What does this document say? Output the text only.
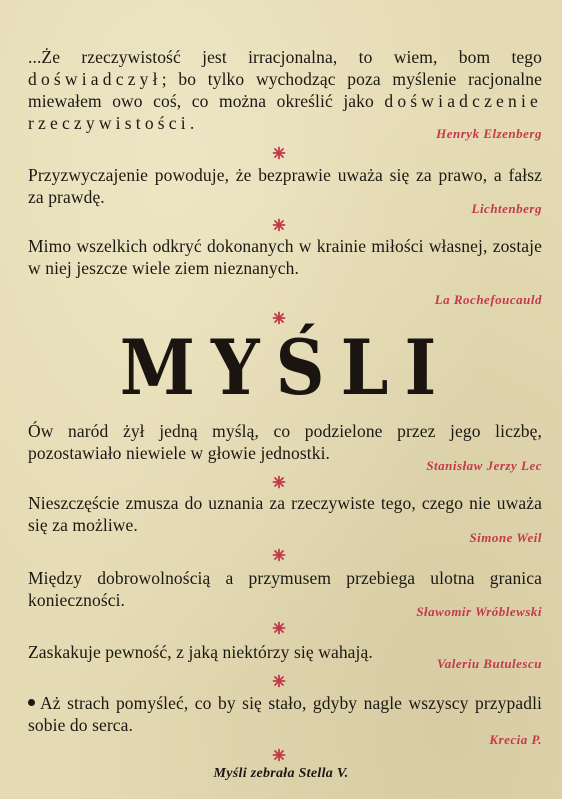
...Że rzeczywistość jest irracjonalna, to wiem, bom tego doświadczył; bo tylko wychodząc poza myślenie racjonalne miewałem owo coś, co można określić jako doświadczenie rzeczywistości.

Henryk Elzenberg

Przyzwyczajenie powoduje, że bezprawie uważa się za prawo, a fałsz za prawdę.

Lichtenberg

Mimo wszelkich odkryć dokonanych w krainie miłości własnej, zostaje w niej jeszcze wiele ziem nieznanych.

La Rochefoucauld
MYŚLI

Ów naród żył jedną myślą, co podzielone przez jego liczbę, pozostawiało niewiele w głowie jednostki.

Stanisław Jerzy Lec

Nieszczęście zmusza do uznania za rzeczywiste tego, czego nie uważa się za możliwe.

Simone Weil

Między dobrowolnością a przymusem przebiega ulotna granica konieczności.

Sławomir Wróblewski

Zaskakuje pewność, z jaką niektórzy się wahają.

Valeriu Butulescu

Aż strach pomyśleć, co by się stało, gdyby nagle wszyscy przypadli sobie do serca.

Krecia P.
Myśli zebrała Stella V.
